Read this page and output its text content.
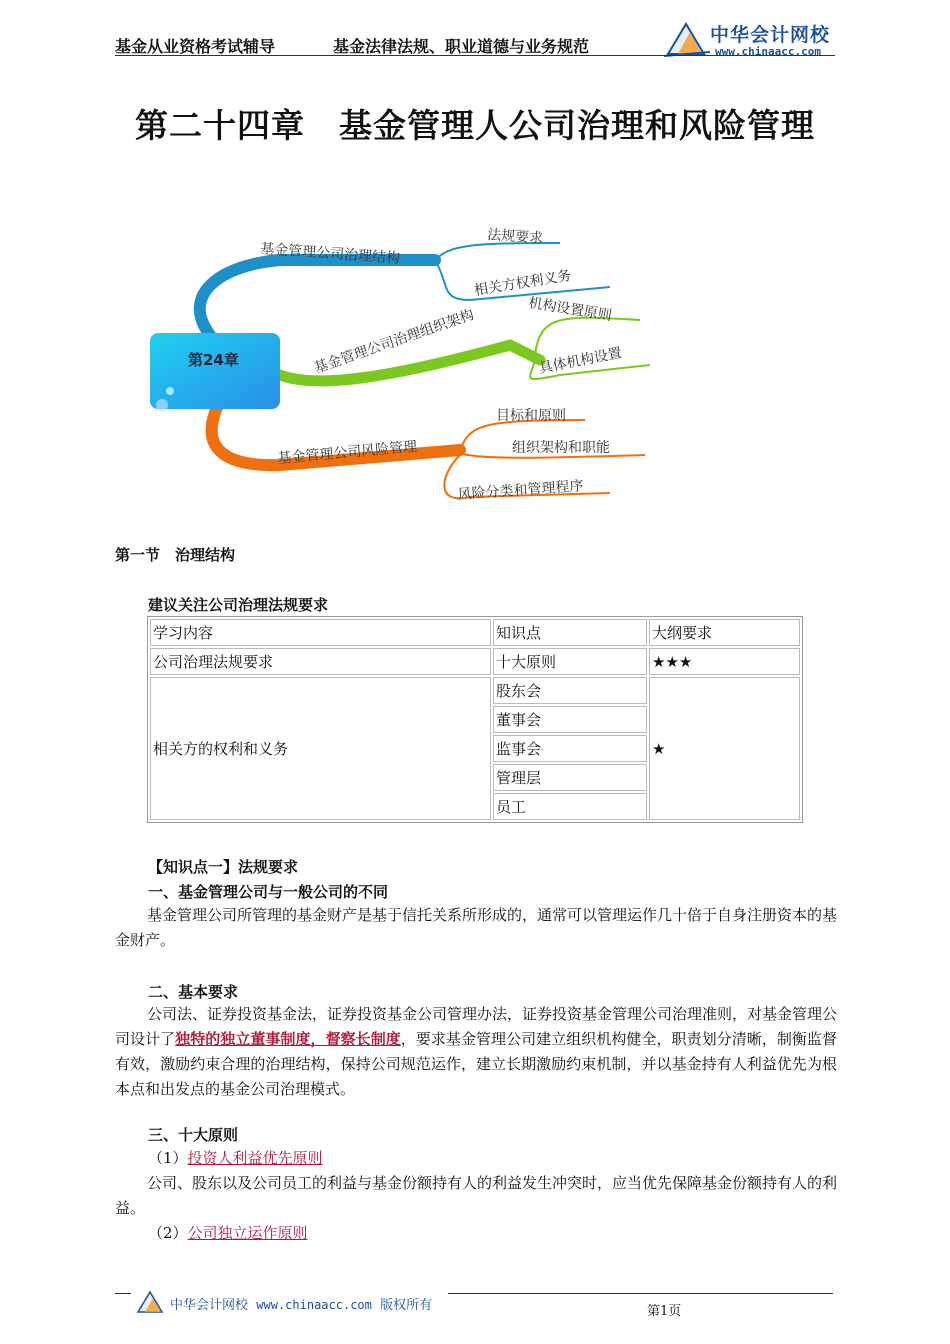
基金从业资格考试辅导	基金法律法规、职业道德与业务规范
中华会计网校
www.chinaacc.com
第二十四章　基金管理人公司治理和风险管理
第24章
基金管理公司治理结构
法规要求
相关方权利义务
基金管理公司治理组织架构	机构设置原则
具体机构设置
基金管理公司风险管理
目标和原则
组织架构和职能
风险分类和管理程序
第一节　治理结构
建议关注公司治理法规要求
学习内容	知识点	大纲要求
公司治理法规要求	十大原则	★★★
相关方的权利和义务	股东会	★
	董事会	
	监事会	
	管理层	
	员工	
【知识点一】法规要求
一、基金管理公司与一般公司的不同
基金管理公司所管理的基金财产是基于信托关系所形成的，通常可以管理运作几十倍于自身注册资本的基金财产。
二、基本要求
公司法、证券投资基金法，证券投资基金公司管理办法，证券投资基金管理公司治理准则，对基金管理公司设计了独特的独立董事制度，督察长制度，要求基金管理公司建立组织机构健全，职责划分清晰，制衡监督有效，激励约束合理的治理结构，保持公司规范运作，建立长期激励约束机制，并以基金持有人利益优先为根本点和出发点的基金公司治理模式。
三、十大原则
（1）投资人利益优先原则
公司、股东以及公司员工的利益与基金份额持有人的利益发生冲突时，应当优先保障基金份额持有人的利益。
（2）公司独立运作原则
中华会计网校 www.chinaacc.com 版权所有	第1页
